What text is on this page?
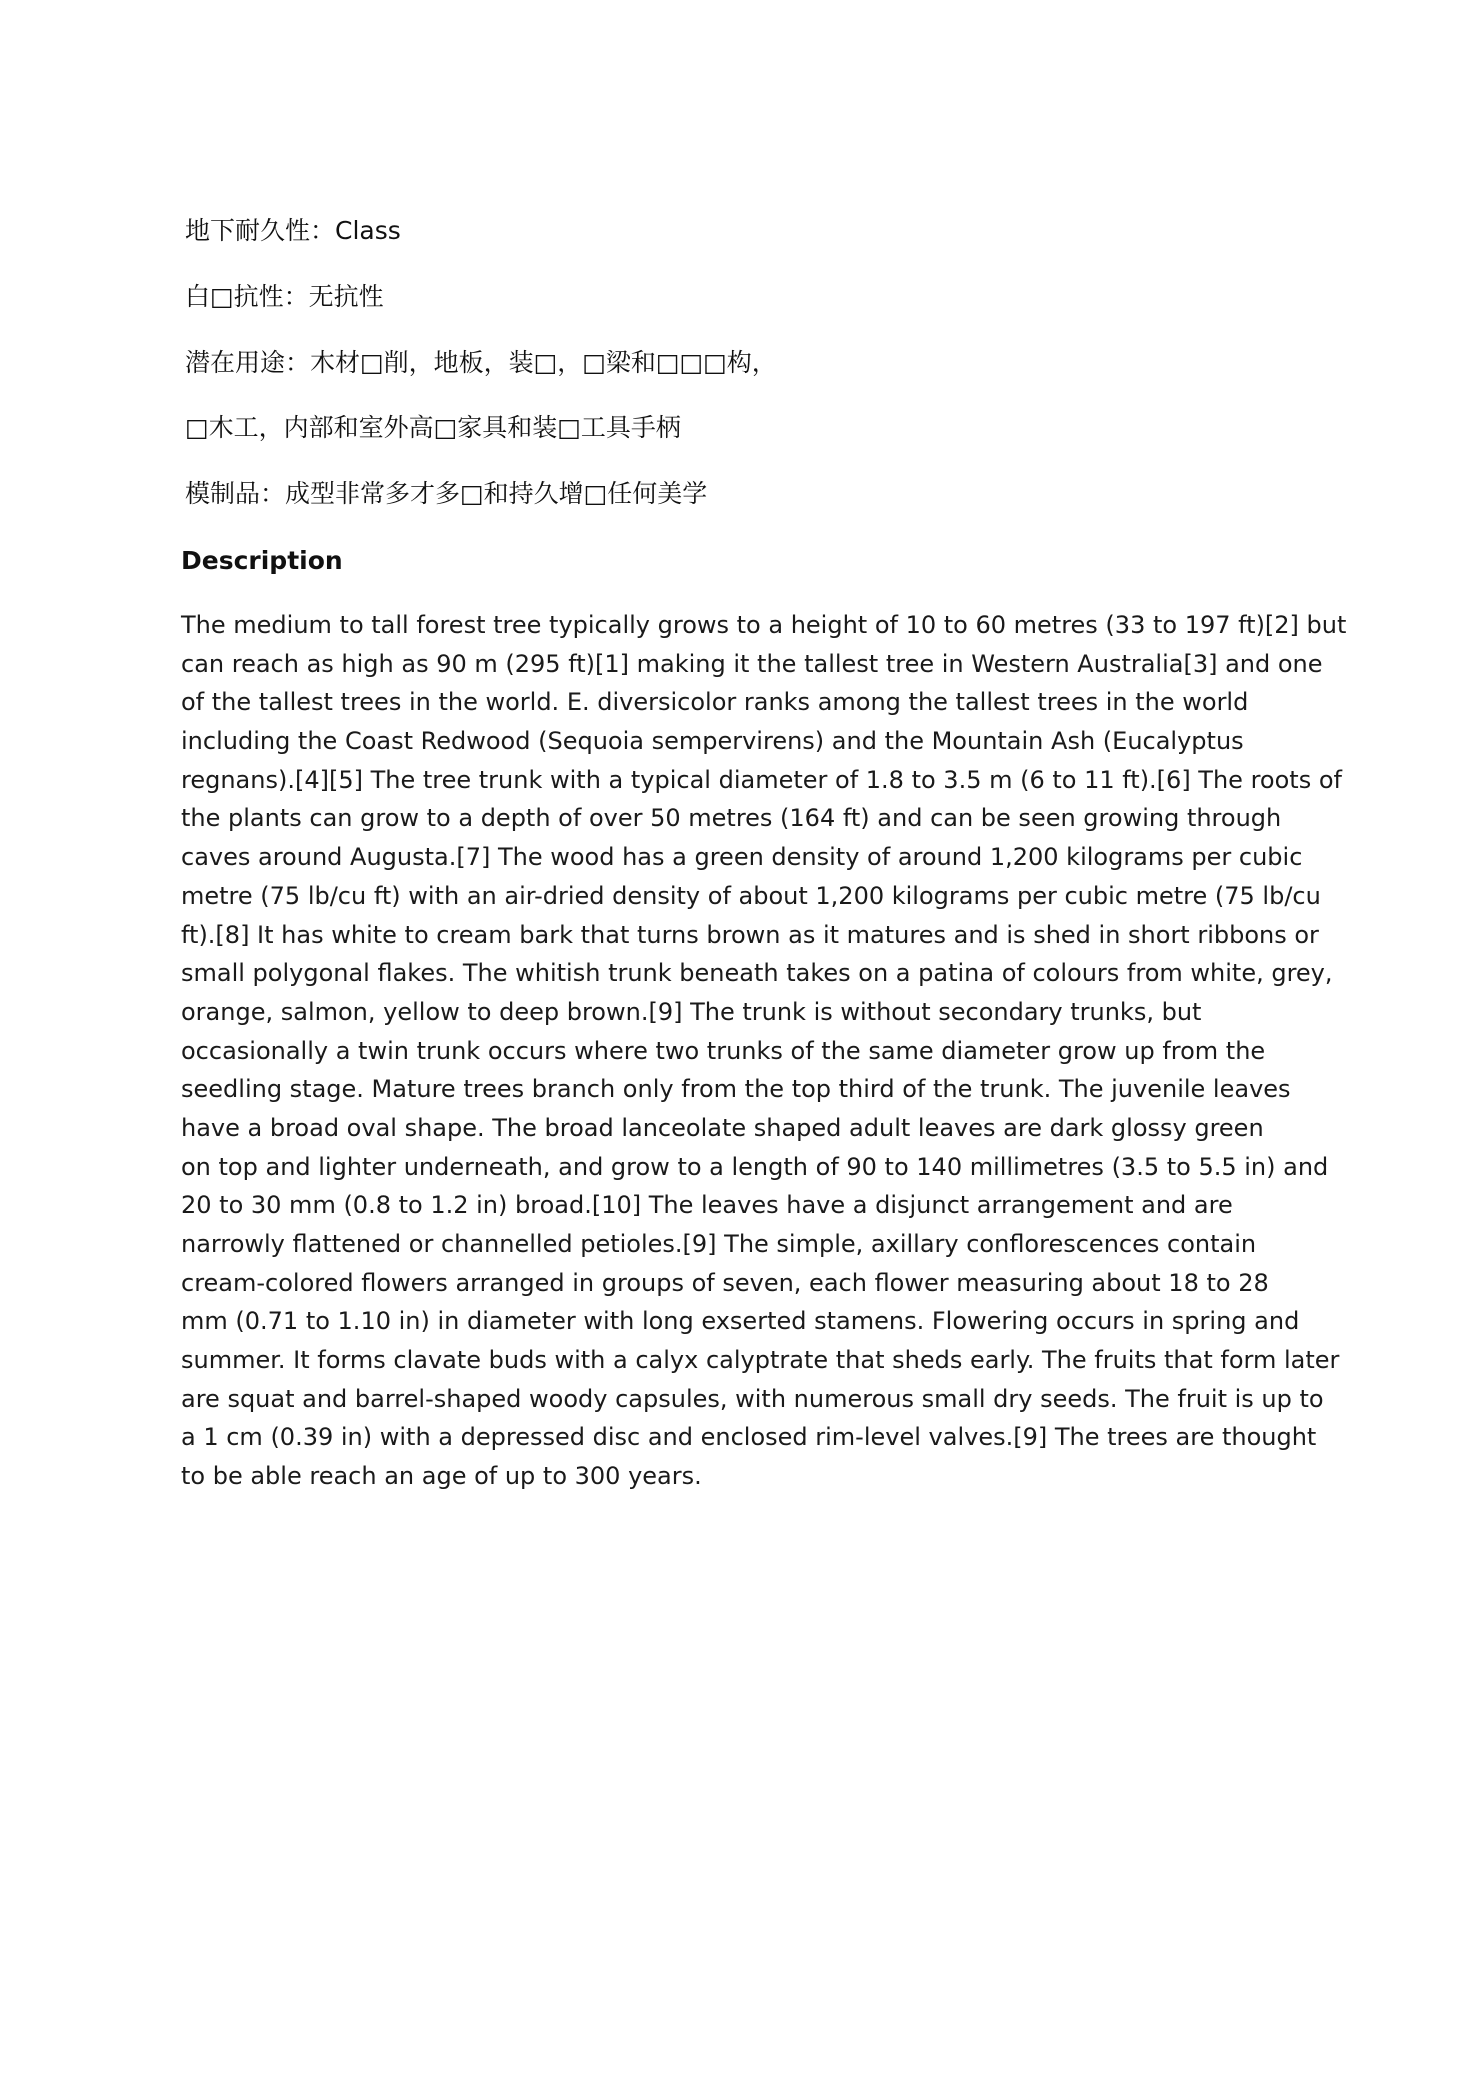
地下耐久性：Class
白□抗性：无抗性
潜在用途：木材□削，地板，装□，□梁和□□□构，
□木工，内部和室外高□家具和装□工具手柄
模制品：成型非常多才多□和持久增□任何美学
Description
The medium to tall forest tree typically grows to a height of 10 to 60 metres (33 to 197 ft)[2] but
can reach as high as 90 m (295 ft)[1] making it the tallest tree in Western Australia[3] and one
of the tallest trees in the world. E. diversicolor ranks among the tallest trees in the world
including the Coast Redwood (Sequoia sempervirens) and the Mountain Ash (Eucalyptus
regnans).[4][5] The tree trunk with a typical diameter of 1.8 to 3.5 m (6 to 11 ft).[6] The roots of
the plants can grow to a depth of over 50 metres (164 ft) and can be seen growing through
caves around Augusta.[7] The wood has a green density of around 1,200 kilograms per cubic
metre (75 lb/cu ft) with an air-dried density of about 1,200 kilograms per cubic metre (75 lb/cu
ft).[8] It has white to cream bark that turns brown as it matures and is shed in short ribbons or
small polygonal flakes. The whitish trunk beneath takes on a patina of colours from white, grey,
orange, salmon, yellow to deep brown.[9] The trunk is without secondary trunks, but
occasionally a twin trunk occurs where two trunks of the same diameter grow up from the
seedling stage. Mature trees branch only from the top third of the trunk. The juvenile leaves
have a broad oval shape. The broad lanceolate shaped adult leaves are dark glossy green
on top and lighter underneath, and grow to a length of 90 to 140 millimetres (3.5 to 5.5 in) and
20 to 30 mm (0.8 to 1.2 in) broad.[10] The leaves have a disjunct arrangement and are
narrowly flattened or channelled petioles.[9] The simple, axillary conflorescences contain
cream-colored flowers arranged in groups of seven, each flower measuring about 18 to 28
mm (0.71 to 1.10 in) in diameter with long exserted stamens. Flowering occurs in spring and
summer. It forms clavate buds with a calyx calyptrate that sheds early. The fruits that form later
are squat and barrel-shaped woody capsules, with numerous small dry seeds. The fruit is up to
a 1 cm (0.39 in) with a depressed disc and enclosed rim-level valves.[9] The trees are thought
to be able reach an age of up to 300 years.
